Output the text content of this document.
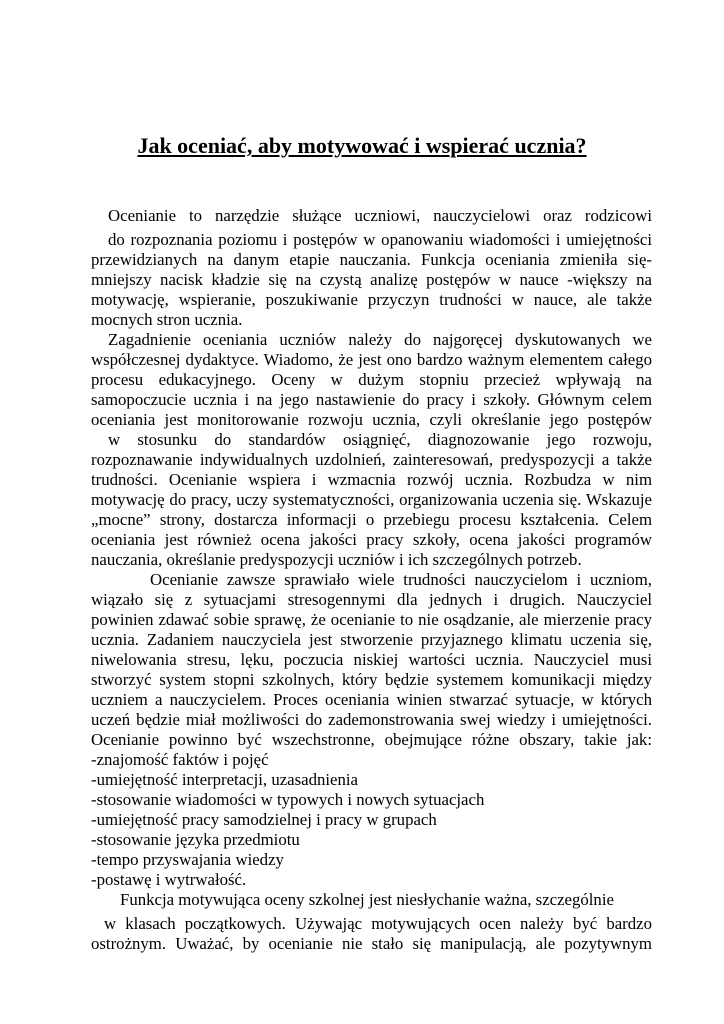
Jak oceniać, aby motywować i wspierać ucznia?
Ocenianie to narzędzie służące uczniowi, nauczycielowi oraz rodzicowi
do rozpoznania poziomu i postępów w opanowaniu wiadomości i umiejętności
przewidzianych na danym etapie nauczania. Funkcja oceniania zmieniła się-
mniejszy nacisk kładzie się na czystą analizę postępów w nauce -większy na
motywację, wspieranie, poszukiwanie przyczyn trudności w nauce, ale także
mocnych stron ucznia.
Zagadnienie oceniania uczniów należy do najgoręcej dyskutowanych we
współczesnej dydaktyce. Wiadomo, że jest ono bardzo ważnym elementem całego
procesu edukacyjnego. Oceny w dużym stopniu przecież wpływają na
samopoczucie ucznia i na jego nastawienie do pracy i szkoły. Głównym celem
oceniania jest monitorowanie rozwoju ucznia, czyli określanie jego postępów
w stosunku do standardów osiągnięć, diagnozowanie jego rozwoju,
rozpoznawanie indywidualnych uzdolnień, zainteresowań, predyspozycji a także
trudności. Ocenianie wspiera i wzmacnia rozwój ucznia. Rozbudza w nim
motywację do pracy, uczy systematyczności, organizowania uczenia się. Wskazuje
„mocne” strony, dostarcza informacji o przebiegu procesu kształcenia. Celem
oceniania jest również ocena jakości pracy szkoły, ocena jakości programów
nauczania, określanie predyspozycji uczniów i ich szczególnych potrzeb.
Ocenianie zawsze sprawiało wiele trudności nauczycielom i uczniom,
wiązało się z sytuacjami stresogennymi dla jednych i drugich. Nauczyciel
powinien zdawać sobie sprawę, że ocenianie to nie osądzanie, ale mierzenie pracy
ucznia. Zadaniem nauczyciela jest stworzenie przyjaznego klimatu uczenia się,
niwelowania stresu, lęku, poczucia niskiej wartości ucznia. Nauczyciel musi
stworzyć system stopni szkolnych, który będzie systemem komunikacji między
uczniem a nauczycielem. Proces oceniania winien stwarzać sytuacje, w których
uczeń będzie miał możliwości do zademonstrowania swej wiedzy i umiejętności.
Ocenianie powinno być wszechstronne, obejmujące różne obszary, takie jak:
-znajomość faktów i pojęć
-umiejętność interpretacji, uzasadnienia
-stosowanie wiadomości w typowych i nowych sytuacjach
-umiejętność pracy samodzielnej i pracy w grupach
-stosowanie języka przedmiotu
-tempo przyswajania wiedzy
-postawę i wytrwałość.
Funkcja motywująca oceny szkolnej jest niesłychanie ważna, szczególnie
w klasach początkowych. Używając motywujących ocen należy być bardzo
ostrożnym. Uważać, by ocenianie nie stało się manipulacją, ale pozytywnym
